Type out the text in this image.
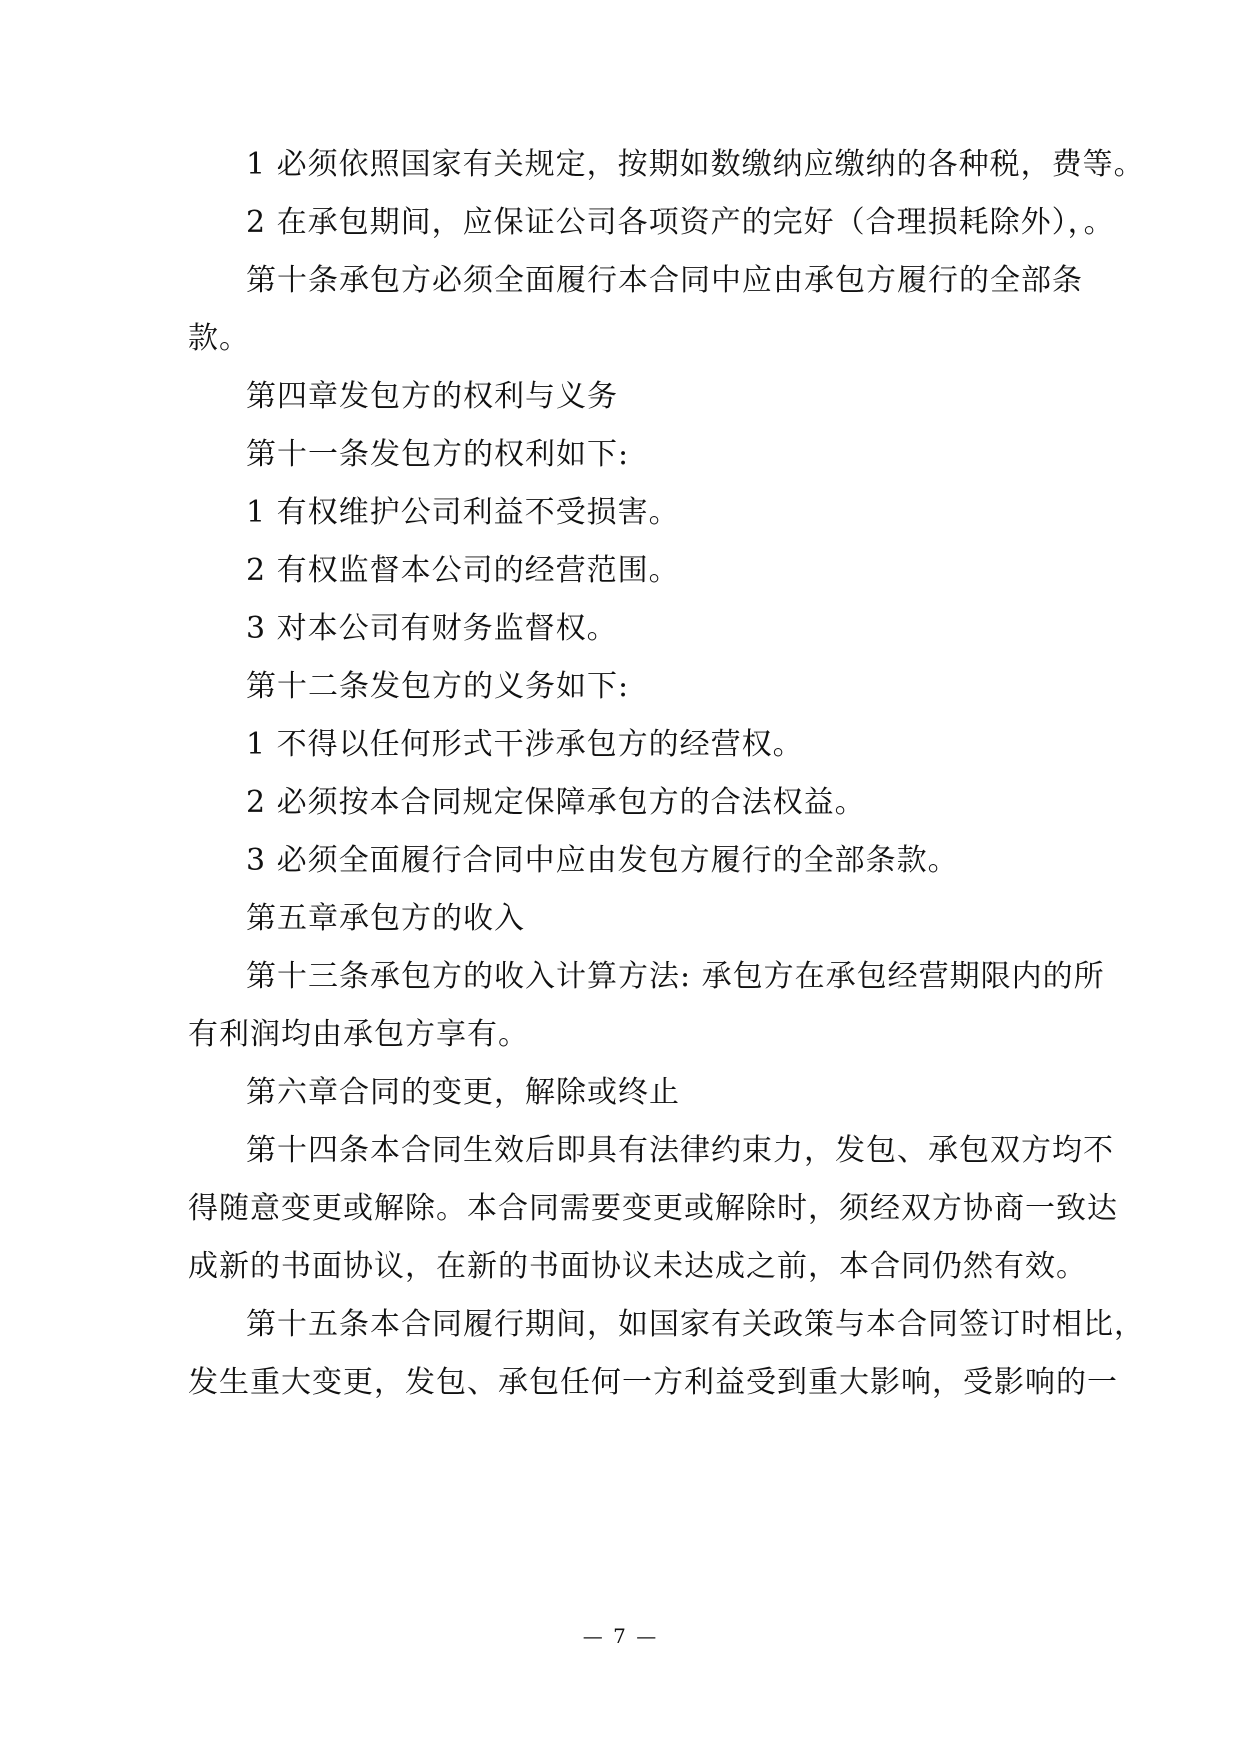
1 必须依照国家有关规定，按期如数缴纳应缴纳的各种税，费等。
2 在承包期间，应保证公司各项资产的完好（合理损耗除外），。
第十条承包方必须全面履行本合同中应由承包方履行的全部条
款。
第四章发包方的权利与义务
第十一条发包方的权利如下:
1 有权维护公司利益不受损害。
2 有权监督本公司的经营范围。
3 对本公司有财务监督权。
第十二条发包方的义务如下:
1 不得以任何形式干涉承包方的经营权。
2 必须按本合同规定保障承包方的合法权益。
3 必须全面履行合同中应由发包方履行的全部条款。
第五章承包方的收入
第十三条承包方的收入计算方法: 承包方在承包经营期限内的所
有利润均由承包方享有。
第六章合同的变更，解除或终止
第十四条本合同生效后即具有法律约束力，发包、承包双方均不
得随意变更或解除。本合同需要变更或解除时，须经双方协商一致达
成新的书面协议，在新的书面协议未达成之前，本合同仍然有效。
第十五条本合同履行期间，如国家有关政策与本合同签订时相比，
发生重大变更，发包、承包任何一方利益受到重大影响，受影响的一
— 7 —
